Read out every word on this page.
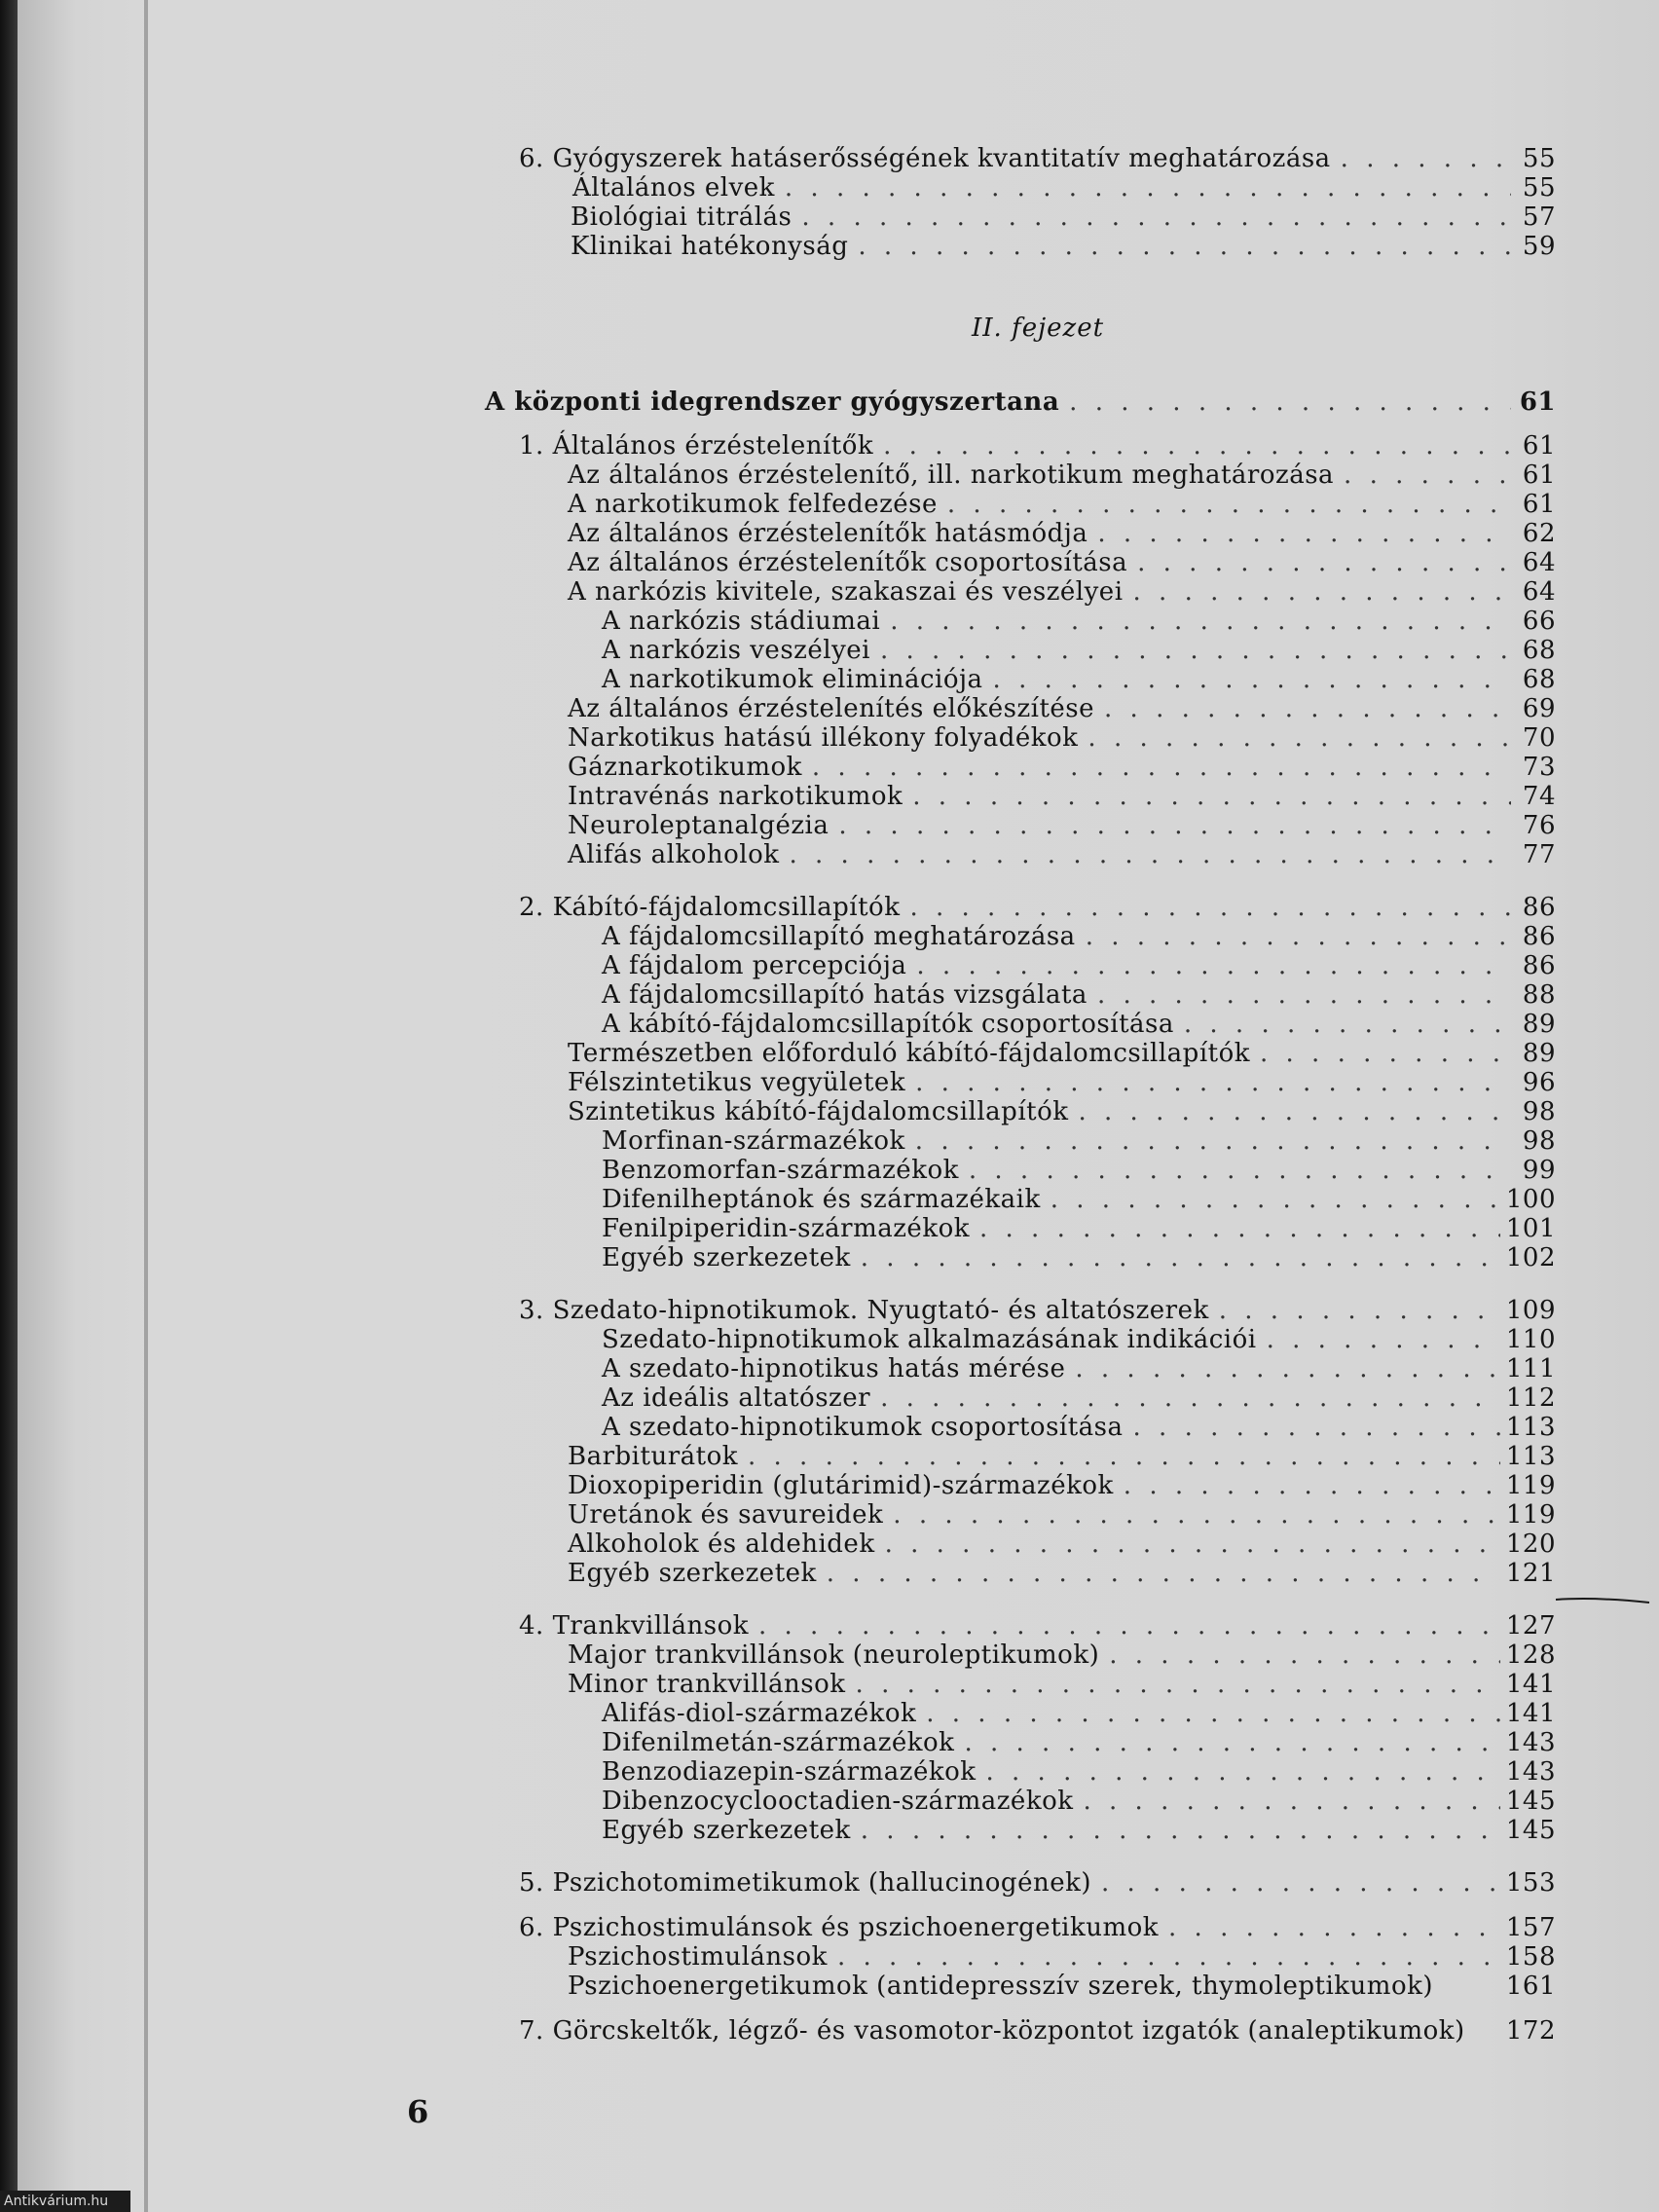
II. fejezet
6. Gyógyszerek hatáserősségének kvantitatív meghatározása . . .	55
Általános elvek . . .	55
Biológiai titrálás . . .	57
Klinikai hatékonyság . . .	59
A központi idegrendszer gyógyszertana . . .	61
1. Általános érzéstelenítők . . .	61
Az általános érzéstelenítő, ill. narkotikum meghatározása . . .	61
A narkotikumok felfedezése . . .	61
Az általános érzéstelenítők hatásmódja . . .	62
Az általános érzéstelenítők csoportosítása . . .	64
A narkózis kivitele, szakaszai és veszélyei . . .	64
A narkózis stádiumai . . .	66
A narkózis veszélyei . . .	68
A narkotikumok eliminációja . . .	68
Az általános érzéstelenítés előkészítése . . .	69
Narkotikus hatású illékony folyadékok . . .	70
Gáznarkotikumok . . .	73
Intravénás narkotikumok . . .	74
Neuroleptanalgézia . . .	76
Alifás alkoholok . . .	77
2. Kábító-fájdalomcsillapítók . . .	86
A fájdalomcsillapító meghatározása . . .	86
A fájdalom percepciója . . .	86
A fájdalomcsillapító hatás vizsgálata . . .	88
A kábító-fájdalomcsillapítók csoportosítása . . .	89
Természetben előforduló kábító-fájdalomcsillapítók . . .	89
Félszintetikus vegyületek . . .	96
Szintetikus kábító-fájdalomcsillapítók . . .	98
Morfinan-származékok . . .	98
Benzomorfan-származékok . . .	99
Difenilheptánok és származékaik . . .	100
Fenilpiperidin-származékok . . .	101
Egyéb szerkezetek . . .	102
3. Szedato-hipnotikumok. Nyugtató- és altatószerek . . .	109
Szedato-hipnotikumok alkalmazásának indikációi . . .	110
A szedato-hipnotikus hatás mérése . . .	111
Az ideális altatószer . . .	112
A szedato-hipnotikumok csoportosítása . . .	113
Barbiturátok . . .	113
Dioxopiperidin (glutárimid)-származékok . . .	119
Uretánok és savureidek . . .	119
Alkoholok és aldehidek . . .	120
Egyéb szerkezetek . . .	121
4. Trankvillánsok . . .	127
Major trankvillánsok (neuroleptikumok) . . .	128
Minor trankvillánsok . . .	141
Alifás-diol-származékok . . .	141
Difenilmetán-származékok . . .	143
Benzodiazepin-származékok . . .	143
Dibenzocyclooctadien-származékok . . .	145
Egyéb szerkezetek . . .	145
5. Pszichotomimetikumok (hallucinogének) . . .	153
6. Pszichostimulánsok és pszichoenergetikumok . . .	157
Pszichostimulánsok . . .	158
Pszichoenergetikumok (antidepresszív szerek, thymoleptikumok)	161
7. Görcskeltők, légző- és vasomotor-központot izgatók (analeptikumok) 172
6
Antikvárium.hu
